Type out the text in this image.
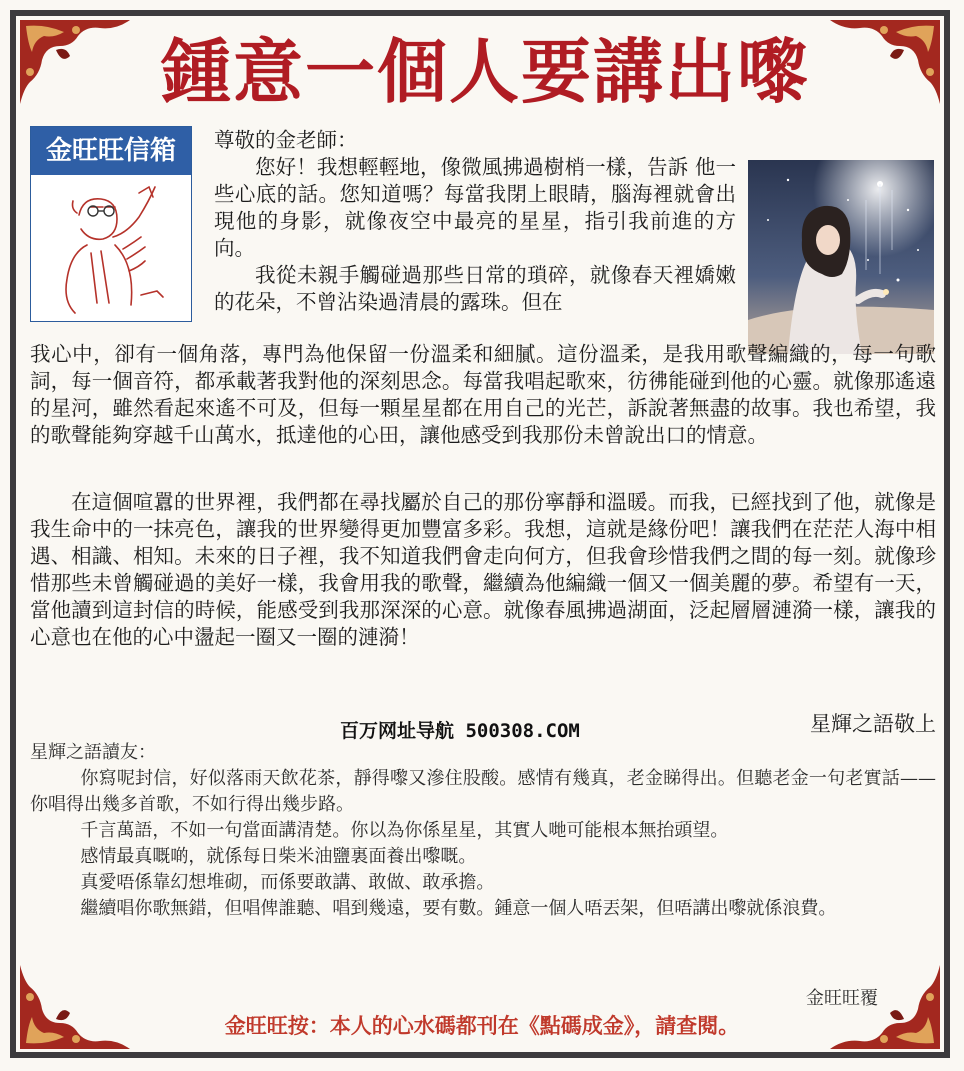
鍾意一個人要講出嚟
金旺旺信箱	尊敬的金老師：

您好！我想輕輕地，像微風拂過樹梢一樣，告訴 他一些心底的話。您知道嗎？每當我閉上眼睛，腦海裡就會出現他的身影，就像夜空中最亮的星星，指引我前進的方向。

我從未親手觸碰過那些日常的瑣碎，就像春天裡嬌嫩的花朵，不曾沾染過清晨的露珠。但在

我心中，卻有一個角落，專門為他保留一份溫柔和細膩。這份溫柔，是我用歌聲編織的，每一句歌詞，每一個音符，都承載著我對他的深刻思念。每當我唱起歌來，彷彿能碰到他的心靈。就像那遙遠的星河，雖然看起來遙不可及，但每一顆星星都在用自己的光芒，訴說著無盡的故事。我也希望，我的歌聲能夠穿越千山萬水，抵達他的心田，讓他感受到我那份未曾說出口的情意。

在這個喧囂的世界裡，我們都在尋找屬於自己的那份寧靜和溫暖。而我，已經找到了他，就像是我生命中的一抹亮色，讓我的世界變得更加豐富多彩。我想，這就是緣份吧！讓我們在茫茫人海中相遇、相識、相知。未來的日子裡，我不知道我們會走向何方，但我會珍惜我們之間的每一刻。就像珍惜那些未曾觸碰過的美好一樣，我會用我的歌聲，繼續為他編織一個又一個美麗的夢。希望有一天，當他讀到這封信的時候，能感受到我那深深的心意。就像春風拂過湖面，泛起層層漣漪一樣，讓我的心意也在他的心中盪起一圈又一圈的漣漪！

百万网址导航 500308.COM	星輝之語敬上

星輝之語讀友：

你寫呢封信，好似落雨天飲花茶，靜得嚟又滲住股酸。感情有幾真，老金睇得出。但聽老金一句老實話——你唱得出幾多首歌，不如行得出幾步路。

千言萬語，不如一句當面講清楚。你以為你係星星，其實人哋可能根本無抬頭望。

感情最真嘅啲，就係每日柴米油鹽裏面養出嚟嘅。

真愛唔係靠幻想堆砌，而係要敢講、敢做、敢承擔。

繼續唱你歌無錯，但唱俾誰聽、唱到幾遠，要有數。鍾意一個人唔丟架，但唔講出嚟就係浪費。

金旺旺覆
金旺旺按：本人的心水碼都刊在《點碼成金》，請查閱。
